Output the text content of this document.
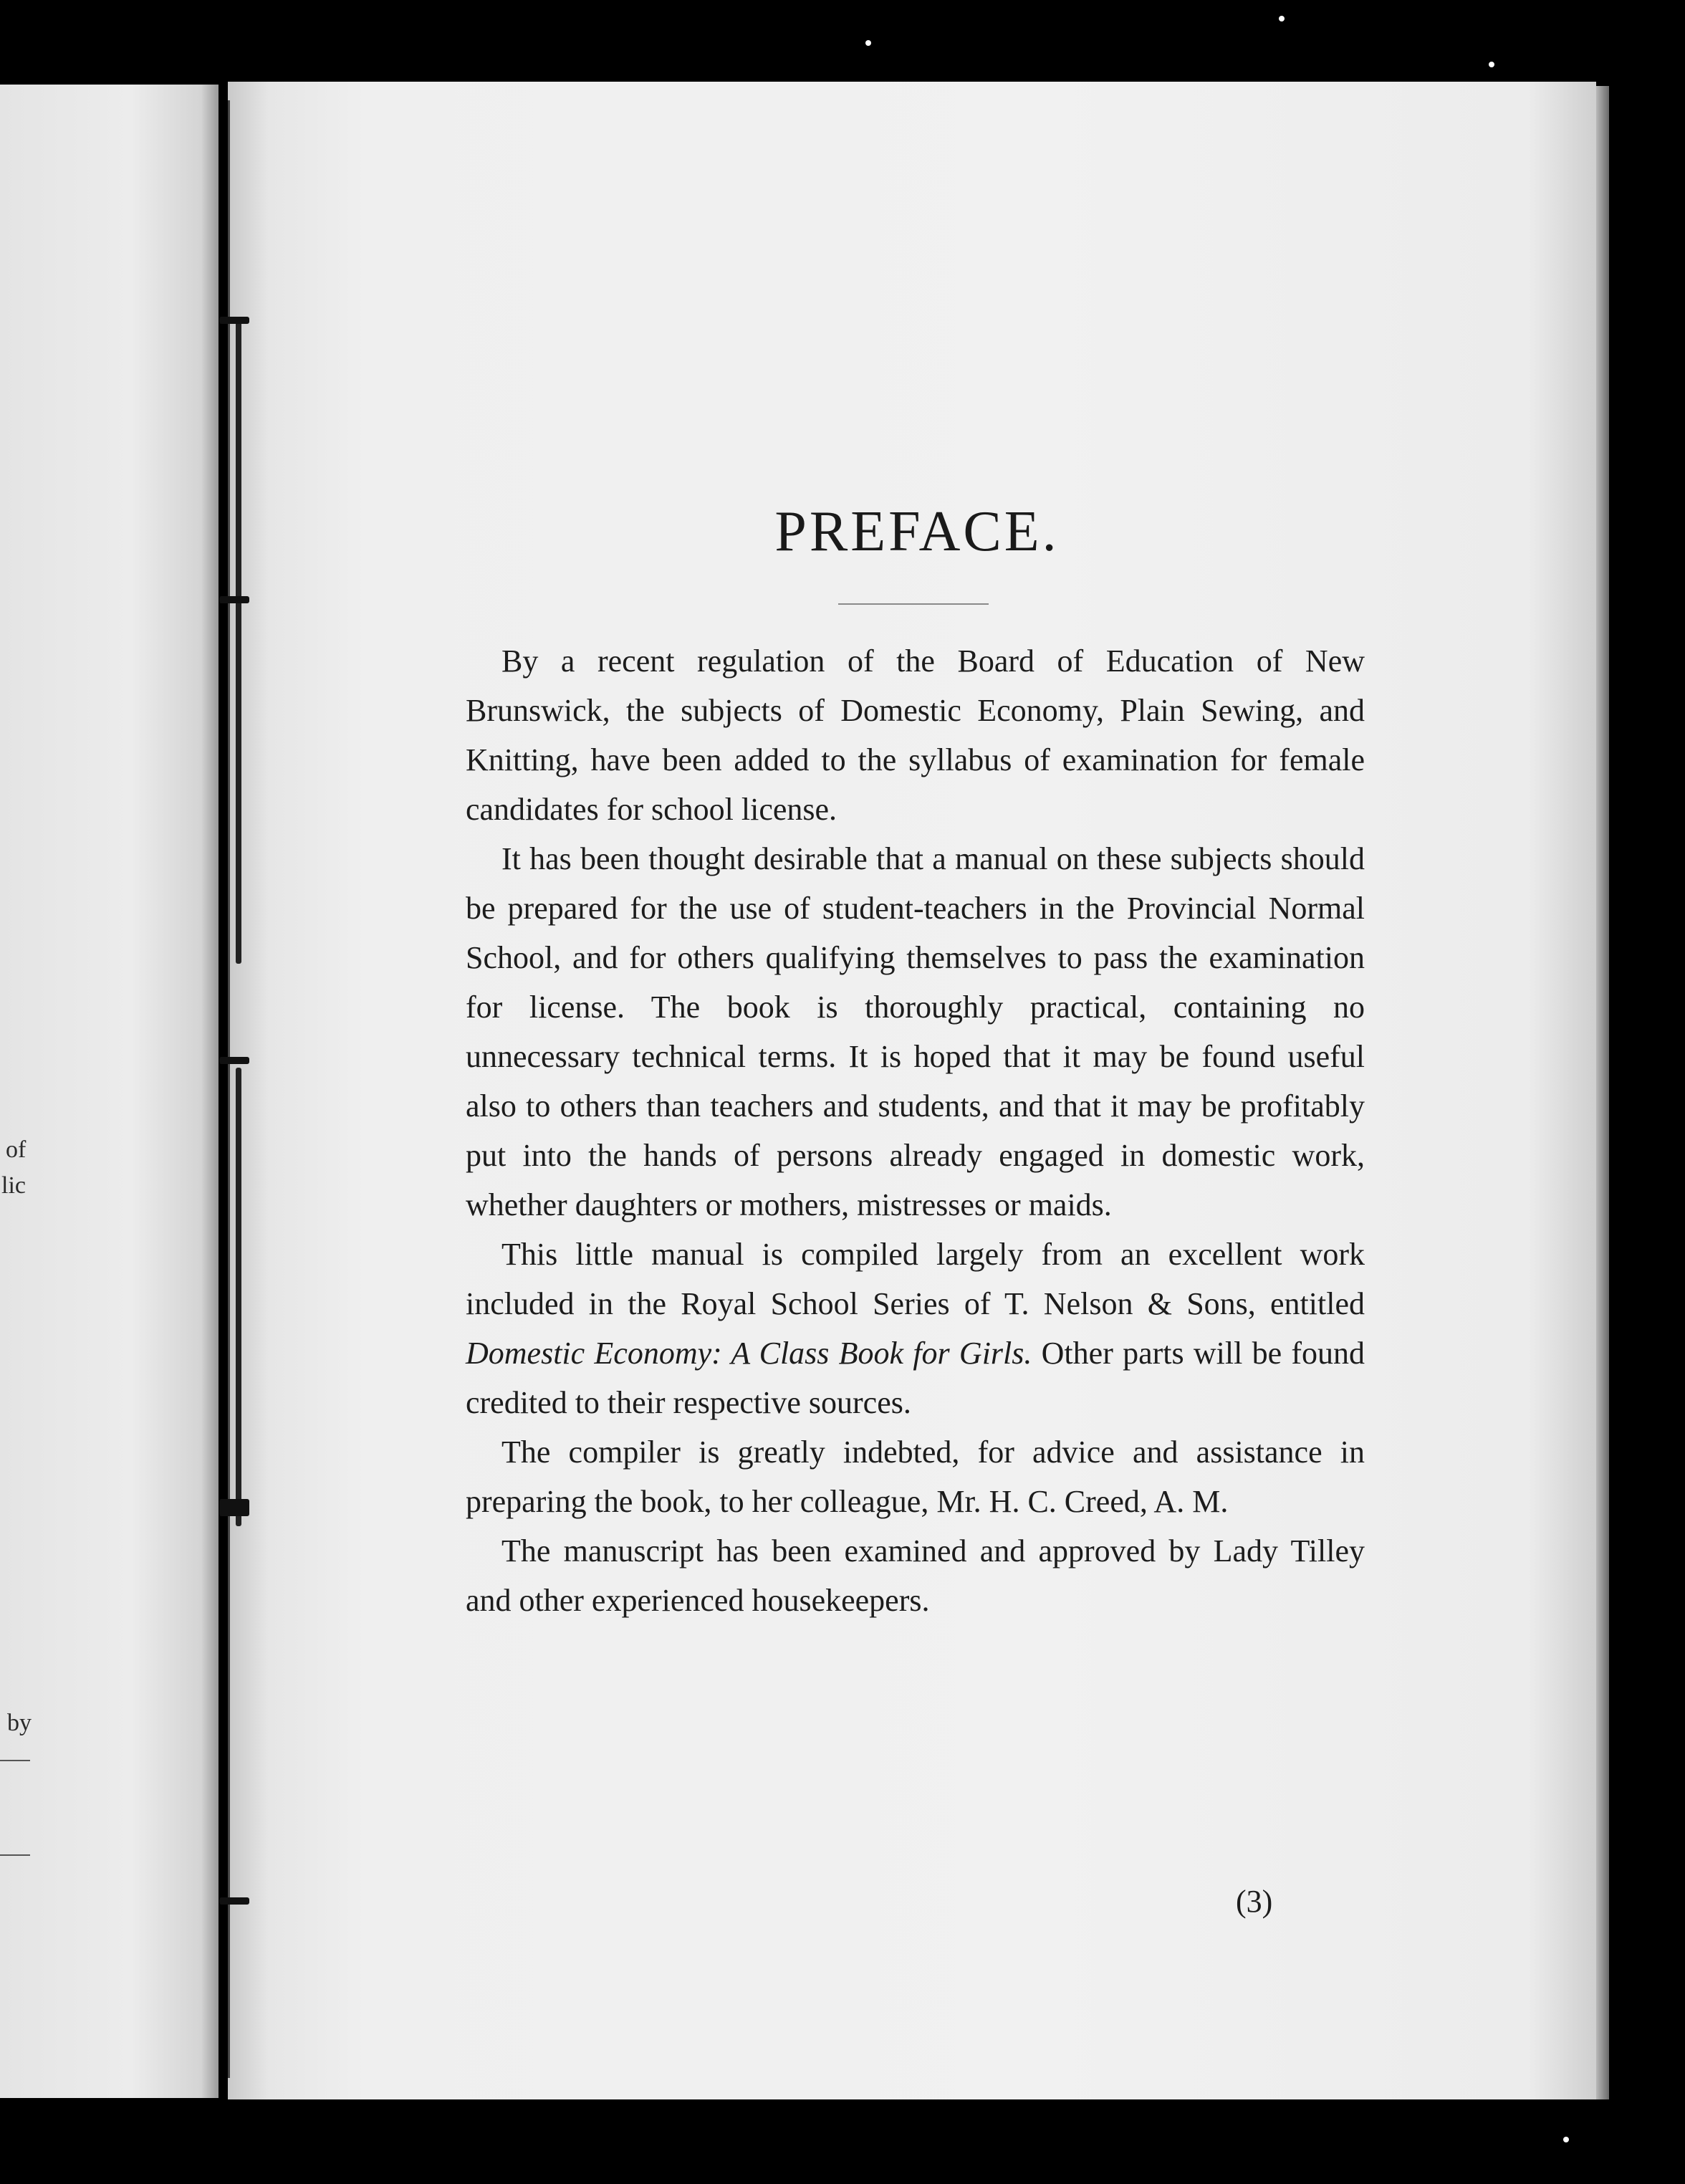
of
lic
by
PREFACE.

By a recent regulation of the Board of Education of New Brunswick, the subjects of Domestic Economy, Plain Sewing, and Knitting, have been added to the syllabus of examination for female candidates for school license.

It has been thought desirable that a manual on these subjects should be prepared for the use of student-teachers in the Provincial Normal School, and for others qualifying themselves to pass the examination for license. The book is thoroughly practical, containing no unnecessary technical terms. It is hoped that it may be found useful also to others than teachers and students, and that it may be profitably put into the hands of persons already engaged in domestic work, whether daughters or mothers, mistresses or maids.

This little manual is compiled largely from an excellent work included in the Royal School Series of T. Nelson & Sons, entitled Domestic Economy: A Class Book for Girls. Other parts will be found credited to their respective sources.

The compiler is greatly indebted, for advice and assistance in preparing the book, to her colleague, Mr. H. C. Creed, A. M.

The manuscript has been examined and approved by Lady Tilley and other experienced housekeepers.

(3)
